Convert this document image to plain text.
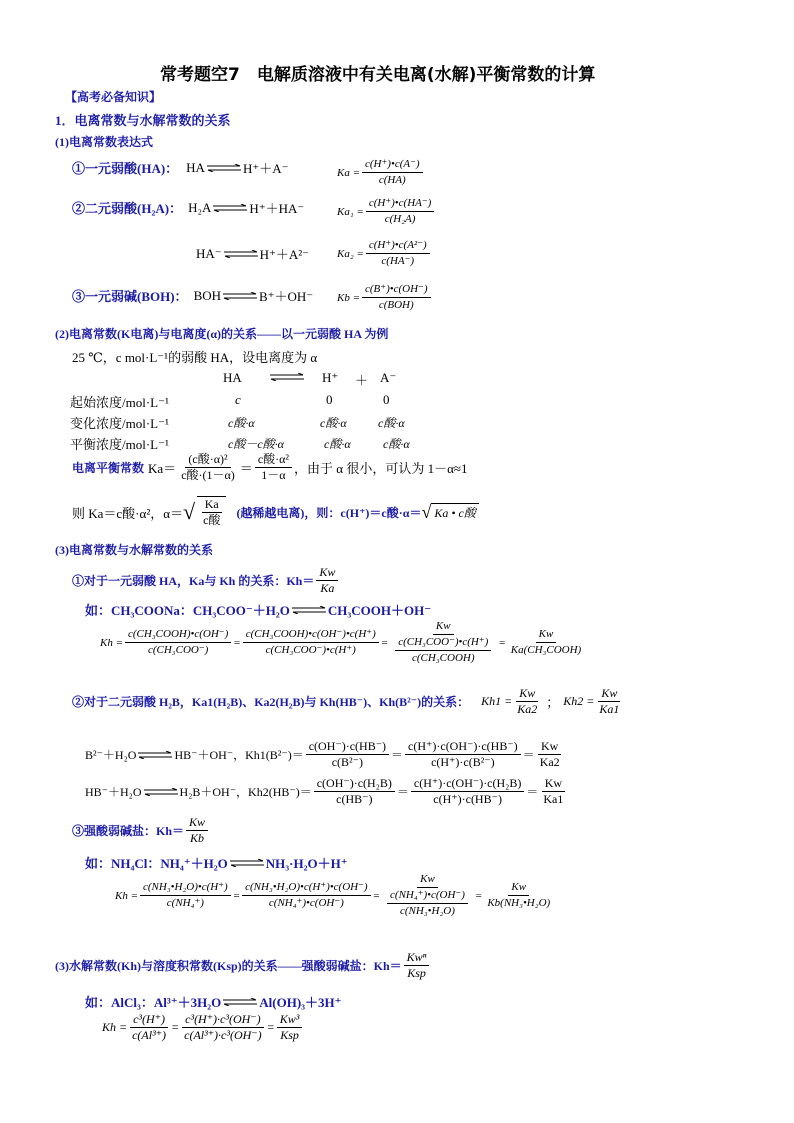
常考题空7　电解质溶液中有关电离(水解)平衡常数的计算
【高考必备知识】
1．电离常数与水解常数的关系
(1)电离常数表达式
①一元弱酸(HA)： HA	H⁺＋A⁻	$Ka = \frac{c(H^+)•c(A^-)}{c(HA)}$
②二元弱酸(H₂A)： H₂A	H⁺＋HA⁻	$Ka_1 = \frac{c(H^+)•c(HA^-)}{\text{c(H₂A)}}$
HA⁻	H⁺＋A²⁻	$Ka_2 = \frac{\text{c(H⁺)•c(A²⁻)}}{c(HA^-)}$
③一元弱碱(BOH)： BOH	B⁺＋OH⁻ $Kb = \frac{c(B^+)•c(OH^-)}{\text{c(BOH)}}$
(2)电离常数(K电离)与电离度(α)的关系——以一元弱酸 HA 为例
25 ℃，c mol·L⁻¹的弱酸 HA，设电离度为 α
HA	H⁺ ＋ A⁻
起始浓度/mol·L⁻¹	c	0	0
变化浓度/mol·L⁻¹	c酸·α	c酸·α	c酸·α
平衡浓度/mol·L⁻¹	c酸－c酸·α	c酸·α	c酸·α
电离平衡常数 $Ka= \frac{\text{(c酸·α)²}}{\text{c酸·(1－α)}} = \frac{\text{c酸·α²}}{1-\alpha}$ ，由于 α 很小，可认为 1－α≈1
则 Ka＝c酸·α²，α＝ √ $\frac{Ka}{\text{c酸}}$ (越稀越电离)，则：c(H⁺)＝c酸·α＝ √ Ka • c酸
(3)电离常数与水解常数的关系
①对于一元弱酸 HA，Ka与 Kh 的关系：$Kh= \frac{Kw}{Ka}$
如：CH₃COONa：CH₃COO⁻＋H₂O	CH₃COOH＋OH⁻
$Kh = \frac{\text{c(CH₃COOH)•c(OH⁻)}}{\text{c(CH₃COO⁻)}} = \frac{\text{c(CH₃COOH)•c(OH⁻)•c(H⁺)}}{\text{c(CH₃COO⁻)•c(H⁺)}} = \frac{Kw}{\frac{\text{c(CH₃COO⁻)•c(H⁺)}}{\text{c(CH₃COOH)}}} = \frac{Kw}{\text{Ka(CH₃COOH)}}$
②对于二元弱酸 H₂B，Ka1(H₂B)、Ka2(H₂B)与 Kh(HB⁻)、Kh(B²⁻)的关系： $Kh1 = \frac{Kw}{Ka2}$ ； $Kh2 = \frac{Kw}{Ka1}$
B²⁻＋H₂O	HB⁻＋OH⁻，$Kh1(B^{2-})= \frac{c(OH^-)\cdot c(HB^-)}{\text{c(B²⁻)}} = \frac{c(H^+)\cdot c(OH^-)\cdot c(HB^-)}{\text{c(H⁺)·c(B²⁻)}} = \frac{Kw}{Ka2}$
HB⁻＋H₂O	H₂B＋OH⁻，$Kh2(HB^-)= \frac{\text{c(OH⁻)·c(H₂B)}}{c(HB^-)} = \frac{\text{c(H⁺)·c(OH⁻)·c(H₂B)}}{c(H^+)\cdot c(HB^-)} = \frac{Kw}{Ka1}$
③强酸弱碱盐：$Kh= \frac{Kw}{Kb}$
如：NH₄Cl：NH₄⁺＋H₂O	NH₃·H₂O＋H⁺
$Kh = \frac{\text{c(NH₃•H₂O)•c(H⁺)}}{\text{c(NH₄⁺)}} = \frac{\text{c(NH₃•H₂O)•c(H⁺)•c(OH⁻)}}{\text{c(NH₄⁺)•c(OH⁻)}} = \frac{Kw}{\frac{\text{c(NH₄⁺)•c(OH⁻)}}{\text{c(NH₃•H₂O)}}} = \frac{Kw}{\text{Kb(NH₃•H₂O)}}$
(3)水解常数(Kh)与溶度积常数(Ksp)的关系——强酸弱碱盐：$Kh= \frac{\text{Kwⁿ}}{\text{Ksp}}$
如：AlCl₃：Al³⁺＋3H₂O	Al(OH)₃＋3H⁺
$Kh = \frac{\text{c³(H⁺)}}{\text{c(Al³⁺)}} = \frac{\text{c³(H⁺)·c³(OH⁻)}}{\text{c(Al³⁺)·c³(OH⁻)}} = \frac{\text{Kw³}}{\text{Ksp}}$
